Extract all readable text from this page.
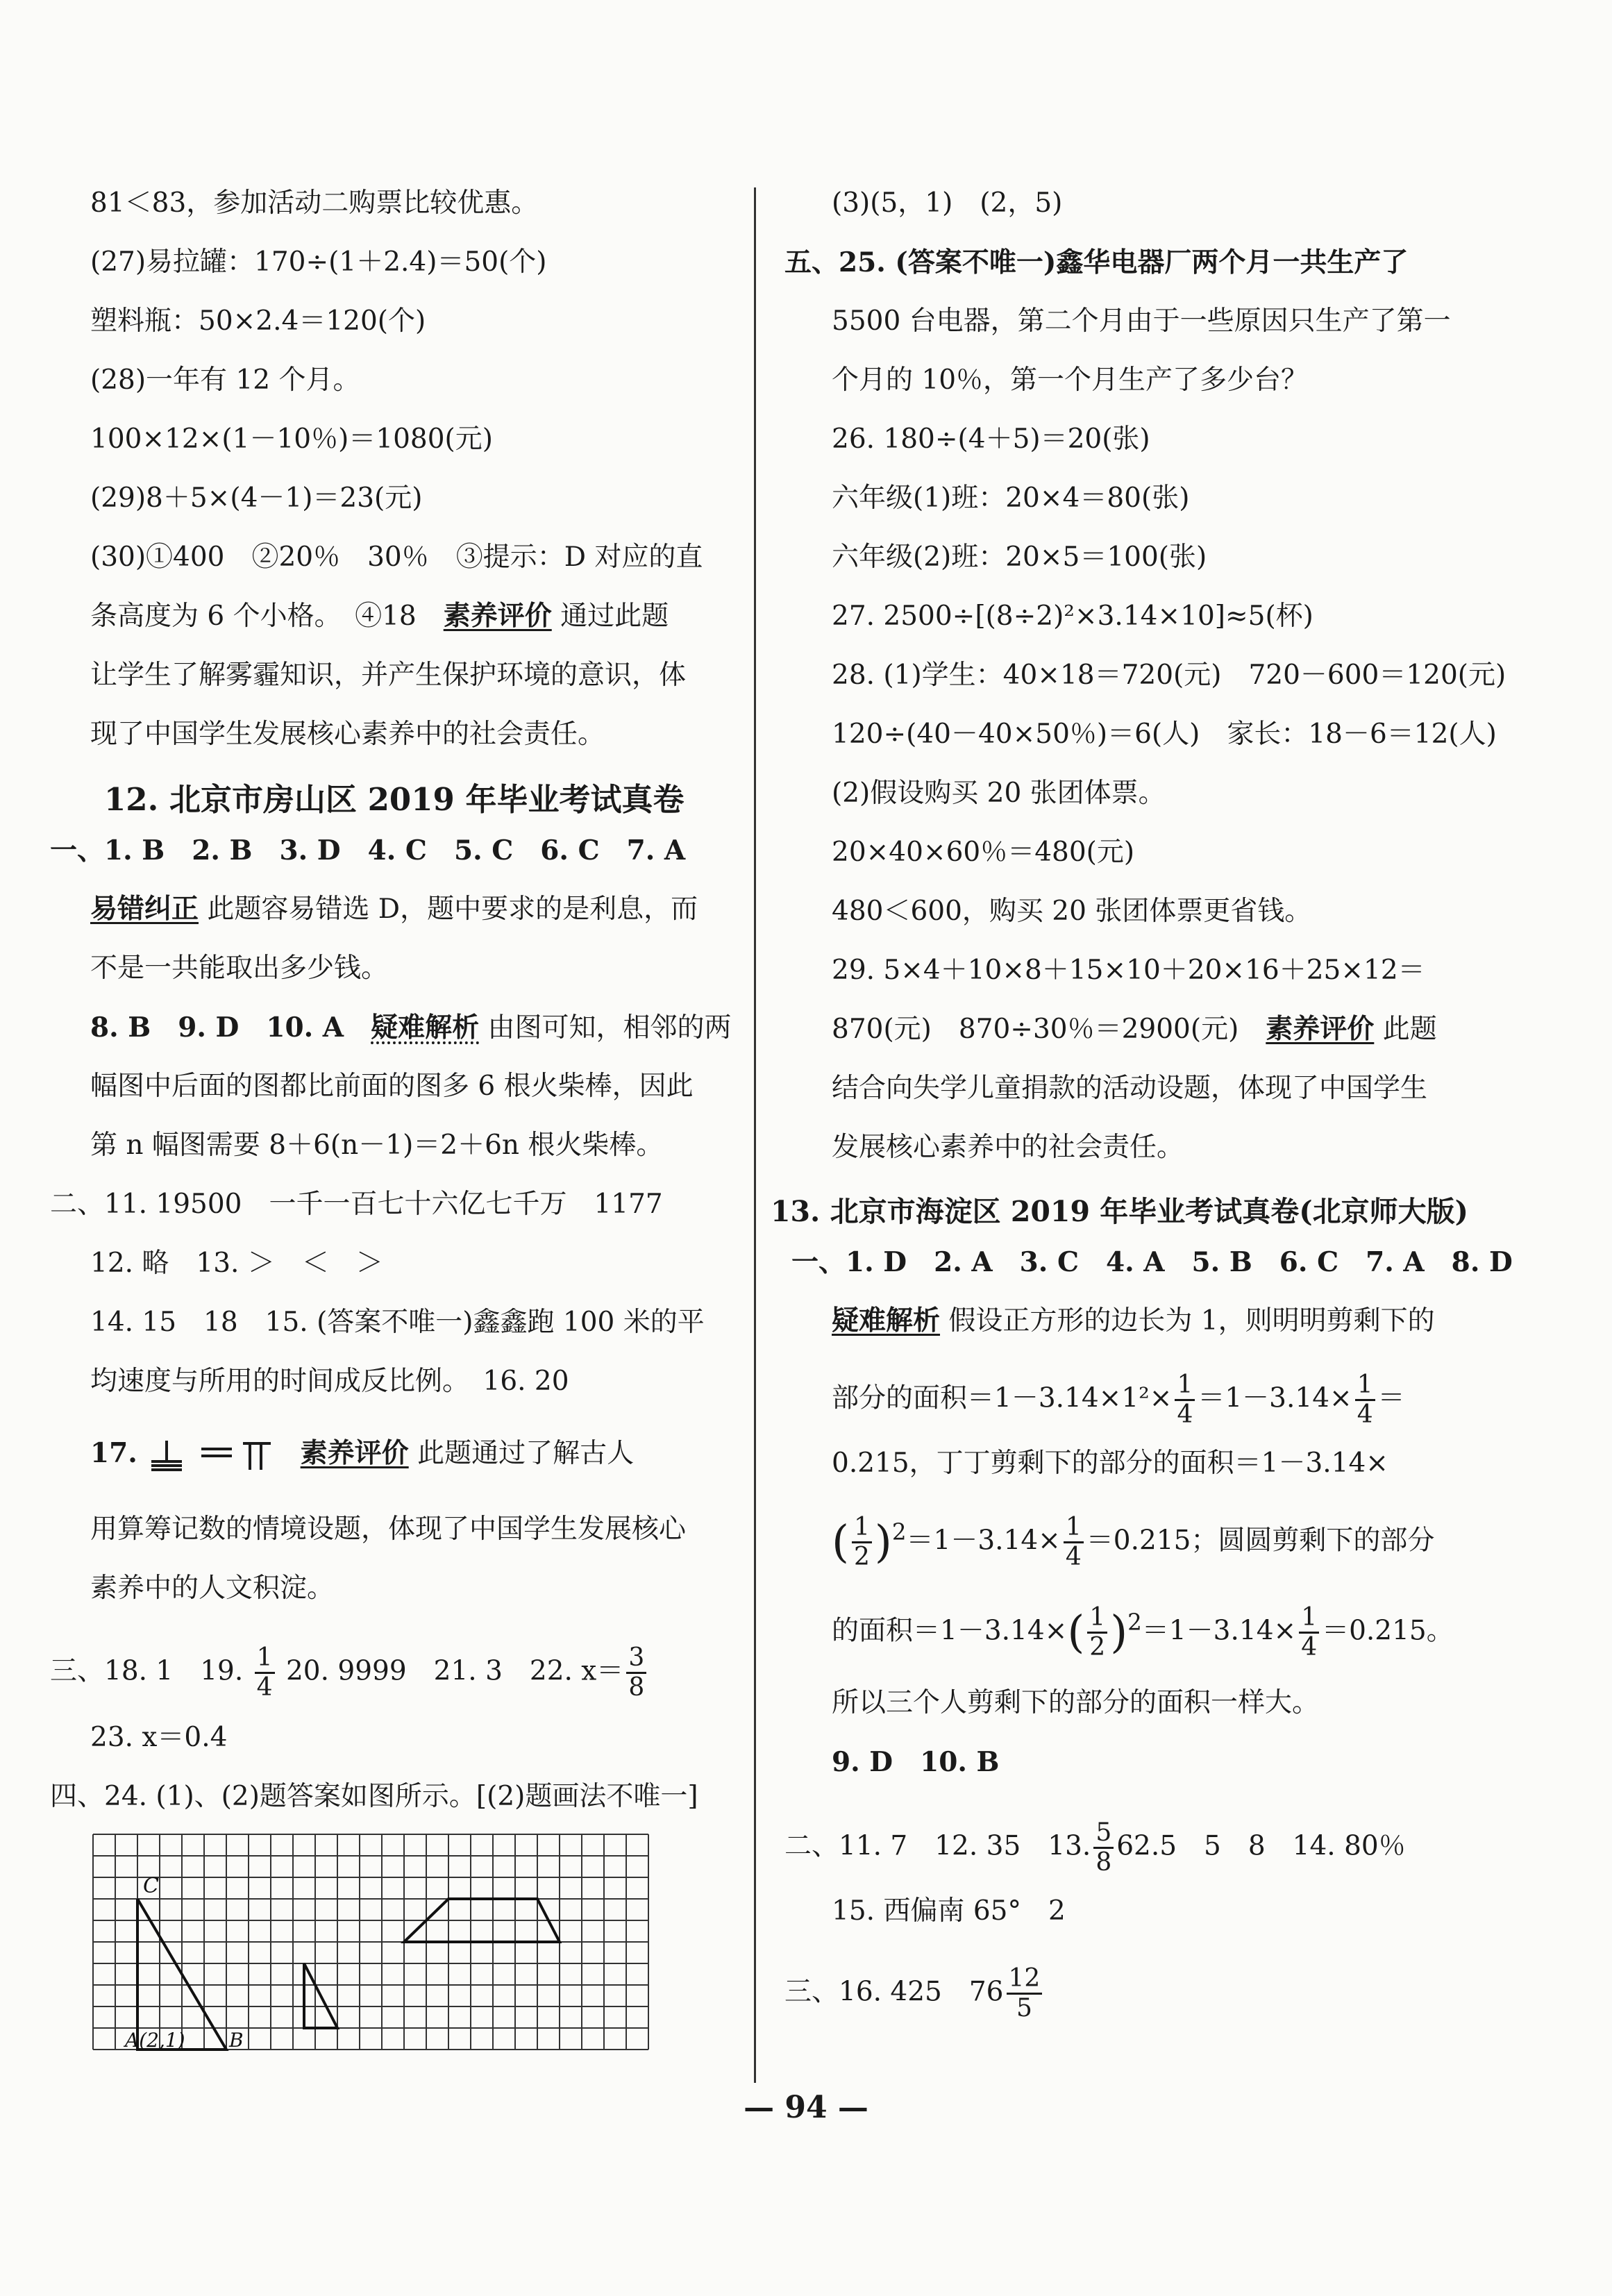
81＜83，参加活动二购票比较优惠。
(27)易拉罐：170÷(1＋2.4)＝50(个)
塑料瓶：50×2.4＝120(个)
(28)一年有 12 个月。
100×12×(1－10％)＝1080(元)
(29)8＋5×(4－1)＝23(元)
(30)①400　②20％　30％　③提示：D 对应的直
条高度为 6 个小格。　④18　素养评价 通过此题
让学生了解雾霾知识，并产生保护环境的意识，体
现了中国学生发展核心素养中的社会责任。
12. 北京市房山区 2019 年毕业考试真卷
一、1. B　2. B　3. D　4. C　5. C　6. C　7. A
易错纠正 此题容易错选 D，题中要求的是利息，而
不是一共能取出多少钱。
8. B　9. D　10. A　疑难解析 由图可知，相邻的两
幅图中后面的图都比前面的图多 6 根火柴棒，因此
第 n 幅图需要 8＋6(n－1)＝2＋6n 根火柴棒。
二、11. 19500　一千一百七十六亿七千万　1177
12. 略　13. ＞　＜　＞
14. 15　18　15. (答案不唯一)鑫鑫跑 100 米的平
均速度与所用的时间成反比例。　16. 20
17.	素养评价 此题通过了解古人
用算筹记数的情境设题，体现了中国学生发展核心
素养中的人文积淀。
三、18. 1　19. $\frac{1}{4} 20$. 9999　21. 3　22. $x= \frac{3}{8}$
23. x＝0.4
四、24. (1)、(2)题答案如图所示。[(2)题画法不唯一]
C
A(2,1) B
(3)(5，1)　(2，5)
五、25. (答案不唯一)鑫华电器厂两个月一共生产了
5500 台电器，第二个月由于一些原因只生产了第一
个月的 10％，第一个月生产了多少台？
26. 180÷(4＋5)＝20(张)
六年级(1)班：20×4＝80(张)
六年级(2)班：20×5＝100(张)
27. 2500÷[(8÷2)²×3.14×10]≈5(杯)
28. (1)学生：40×18＝720(元)　720－600＝120(元)
120÷(40－40×50％)＝6(人)　家长：18－6＝12(人)
(2)假设购买 20 张团体票。
20×40×60％＝480(元)
480＜600，购买 20 张团体票更省钱。
29. 5×4＋10×8＋15×10＋20×16＋25×12＝
870(元)　870÷30％＝2900(元)　素养评价 此题
结合向失学儿童捐款的活动设题，体现了中国学生
发展核心素养中的社会责任。
13. 北京市海淀区 2019 年毕业考试真卷(北京师大版)
一、1. D　2. A　3. C　4. A　5. B　6. C　7. A　8. D
疑难解析 假设正方形的边长为 1，则明明剪剩下的
部分的面积$=1-3.14\times 1^2\times \frac{1}{4} =1-3.14\times \frac{1}{4}$ ＝
0.215，丁丁剪剩下的部分的面积＝1－3.14×
( $\frac{1}{2} )^2=1-3.14\times \frac{1}{4} =0.215$；圆圆剪剩下的部分
的面积$=1-3.14\times( \frac{1}{2} )^2=1-3.14\times \frac{1}{4} =0.215$。
所以三个人剪剩下的部分的面积一样大。
9. D　10. B
二、11. 7　12. 35　13. $\frac{5}{8} 62.5$　5　8　14. 80％
15. 西偏南 65°　2
三、16. 425　$76 \frac{12}{5}$
— 94 —
